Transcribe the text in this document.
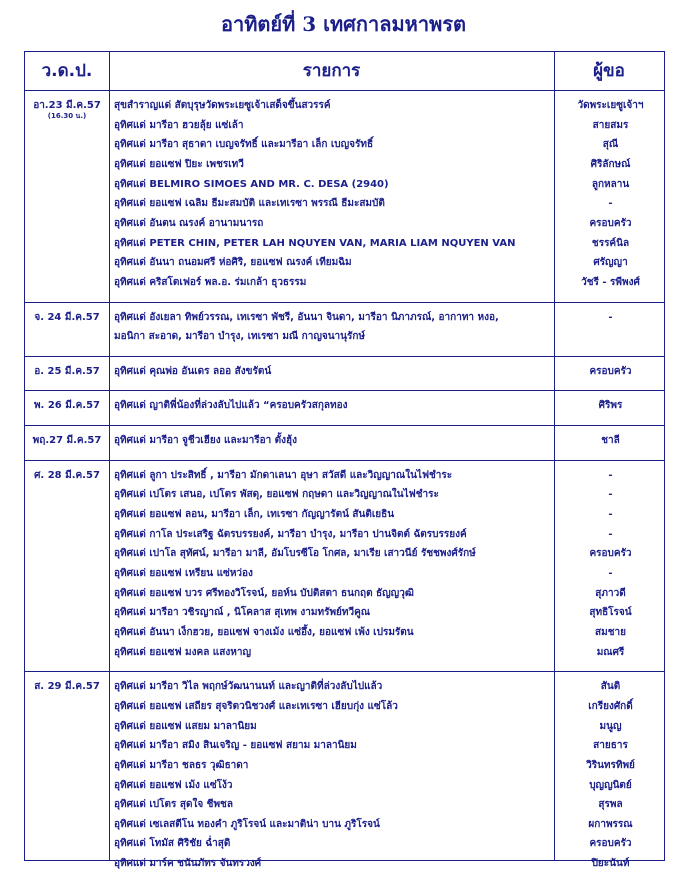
อาทิตย์ที่ 3 เทศกาลมหาพรต
ว.ด.ป.	รายการ	ผู้ขอ
อา.23 มี.ค.57
(16.30 น.)
สุขสำราญแด่ สัตบุรุษวัดพระเยซูเจ้าเสด็จขึ้นสวรรค์	วัดพระเยซูเจ้าฯ
อุทิศแด่ มารีอา ฮวยลุ้ย แซ่เล้า	สายสมร
อุทิศแด่ มารีอา สุธาดา เบญจรัทธิ์ และมารีอา เล็ก เบญจรัทธิ์	สุณี
อุทิศแด่ ยอแซฟ ปิยะ เพชรเทวี	ศิริลักษณ์
อุทิศแด่ BELMIRO SIMOES AND MR. C. DESA (2940)	ลูกหลาน
อุทิศแด่ ยอแซฟ เฉลิม ธีมะสมบัติ และเทเรซา พรรณี ธีมะสมบัติ	-
อุทิศแด่ อันตน ณรงค์ อานามนารถ	ครอบครัว
อุทิศแด่ PETER CHIN, PETER LAH NQUYEN VAN, MARIA LIAM NQUYEN VAN	ชรรค์นิล
อุทิศแด่ อันนา ถนอมศรี ห่อศิริ, ยอแซฟ ณรงค์ เทียมฉิม	ศรัญญา
อุทิศแด่ คริสโตเฟอร์ พล.อ. ร่มเกล้า ธุวธรรม	วัชรี - รพีพงศ์
จ. 24 มี.ค.57	อุทิศแด่ อังเยลา ทิพย์วรรณ, เทเรซา พัชรี, อันนา จินดา, มารีอา นิภาภรณ์, อากาทา หงอ,	-
มอนิกา สะอาด, มารีอา บำรุง, เทเรซา มณี กาญจนานุรักษ์
อ. 25 มี.ค.57	อุทิศแด่ คุณพ่อ อันเดร ลออ สังขรัตน์	ครอบครัว
พ. 26 มี.ค.57	อุทิศแด่ ญาติพี่น้องที่ล่วงลับไปแล้ว “ครอบครัวสกุลทอง	ศิริพร
พฤ.27 มี.ค.57	อุทิศแด่ มารีอา จูชีวเฮียง และมารีอา ตั้งฮุ้ง	ชาลี
ศ. 28 มี.ค.57	อุทิศแด่ ลูกา ประสิทธิ์ , มารีอา มักดาเลนา อุษา สวัสดี และวิญญาณในไฟชำระ	-
อุทิศแด่ เปโตร เสนอ, เปโตร พัสดุ, ยอแซฟ กฤษดา และวิญญาณในไฟชำระ	-
อุทิศแด่ ยอแซฟ ลอน, มารีอา เล็ก, เทเรซา กัญญารัตน์ สันติเยธิน	-
อุทิศแด่ กาโล ประเสริฐ ฉัตรบรรยงค์, มารีอา บำรุง, มารีอา ปานจิตต์ ฉัตรบรรยงค์	-
อุทิศแด่ เปาโล สุทัศน์, มารีอา มาลี, อัมโบรซีโอ โกศล, มาเรีย เสาวนีย์ รัชชพงศ์รักษ์	ครอบครัว
อุทิศแด่ ยอแซฟ เหรียน แซ่หว่อง	-
อุทิศแด่ ยอแซฟ บวร ศรีทองวิโรจน์, ยอห์น บัปติสตา ธนกฤต ธัญญวุฒิ	สุภาวดี
อุทิศแด่ มารีอา วชิรญาณ์ , นิโคลาส สุเทพ งามทรัพย์ทวีคูณ	สุทธิโรจน์
อุทิศแด่ อันนา เง็กฮวย, ยอแซฟ จางเม้ง แซ่อึ้ง, ยอแซฟ เพ้ง เปรมรัตน	สมชาย
อุทิศแด่ ยอแซฟ มงคล แสงหาญ	มณศรี
ส. 29 มี.ค.57	อุทิศแด่ มารีอา วิไล พฤกษ์วัฒนานนท์ และญาติที่ล่วงลับไปแล้ว	สันติ
อุทิศแด่ ยอแซฟ เสถียร สุจริตวนิชวงศ์ และเทเรซา เฮียบกุ่ง แซ่โล้ว	เกรียงศักดิ์
อุทิศแด่ ยอแซฟ แสยม มาลานิยม	มนูญ
อุทิศแด่ มารีอา สมิง สินเจริญ - ยอแซฟ สยาม มาลานิยม	สายธาร
อุทิศแด่ มารีอา ชลธร วุฒิธาดา	วิรินทรทิพย์
อุทิศแด่ ยอแซฟ เม้ง แซ่โง้ว	บุญญนิตย์
อุทิศแด่ เปโตร สุดใจ ชีพชล	สุรพล
อุทิศแด่ เซเลสตีโน ทองคำ ภูริโรจน์ และมาติน่า บาน ภูริโรจน์	ผกาพรรณ
อุทิศแด่ โทมัส ศิริชัย ฉ่ำสุดิ	ครอบครัว
อุทิศแด่ มาร์ค ชนันภัทร จันทรวงศ์	ปิยะนันท์
